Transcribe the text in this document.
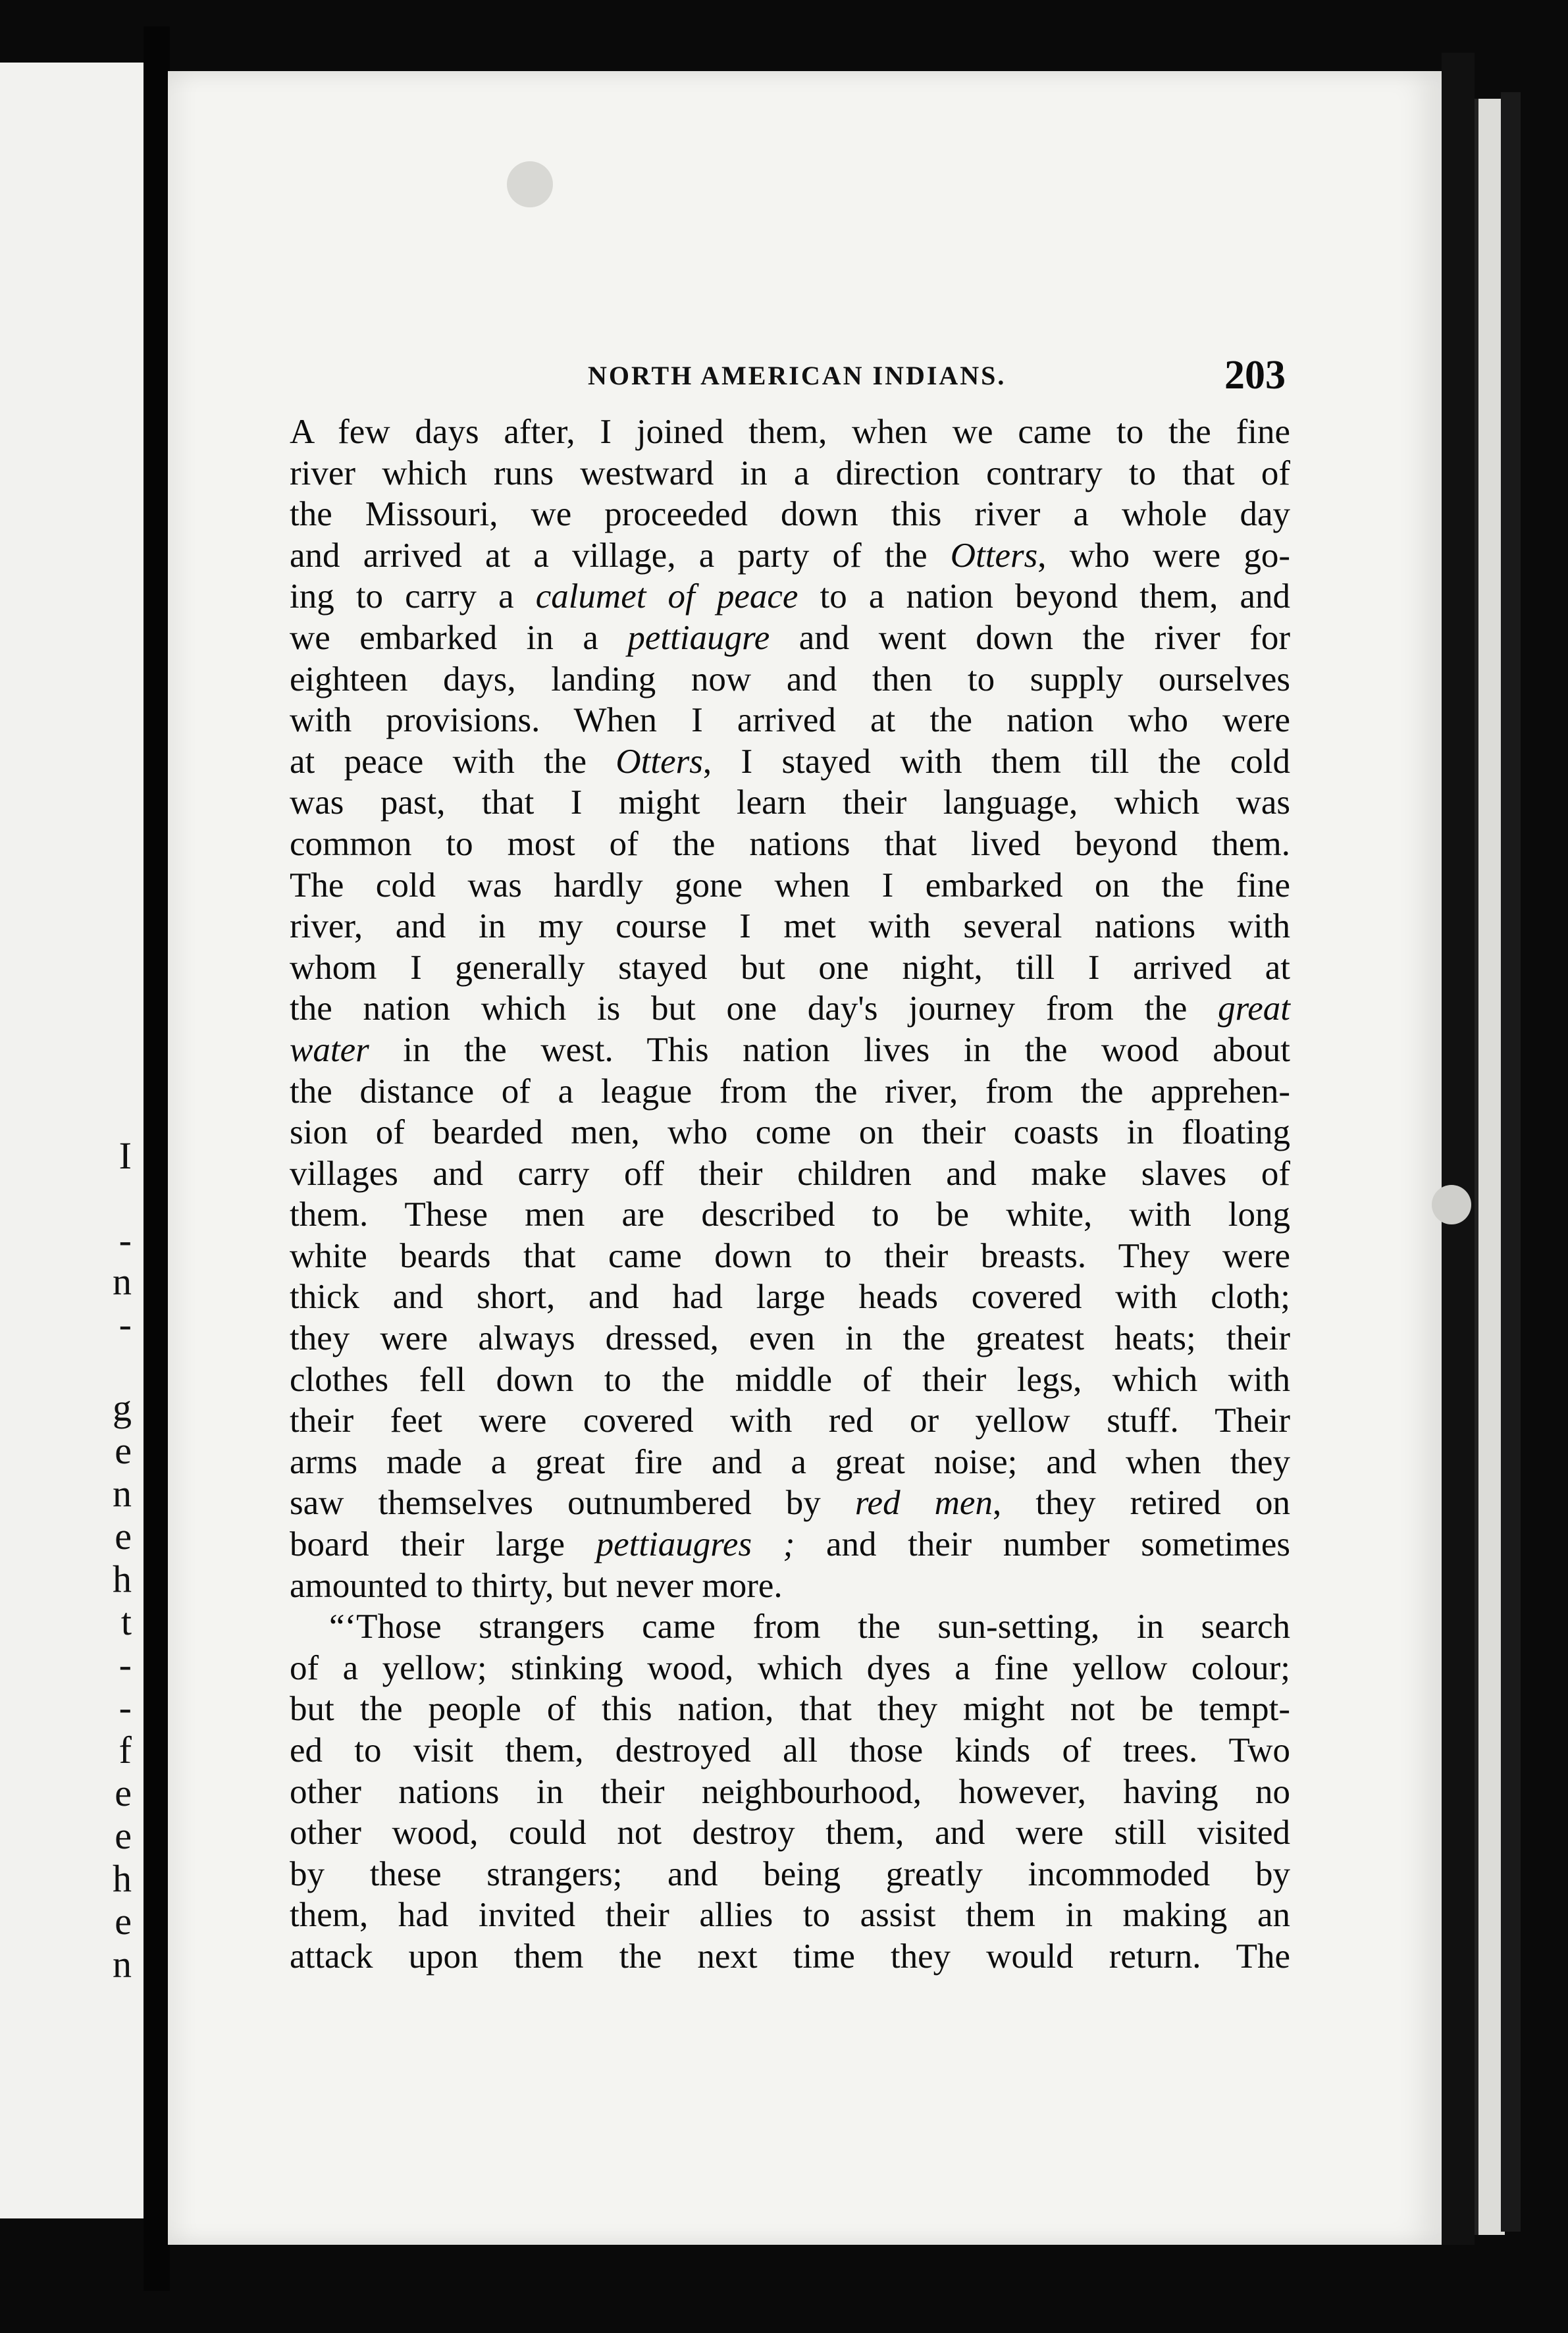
I
-
n
-
g
e
n
e
h
t
-
-
f
e
e
h
e
n
NORTH AMERICAN INDIANS.	203
A few days after, I joined them, when we came to the fine
river which runs westward in a direction contrary to that of
the Missouri, we proceeded down this river a whole day
and arrived at a village, a party of the Otters, who were go-
ing to carry a calumet of peace to a nation beyond them, and
we embarked in a pettiaugre and went down the river for
eighteen days, landing now and then to supply ourselves
with provisions. When I arrived at the nation who were
at peace with the Otters, I stayed with them till the cold
was past, that I might learn their language, which was
common to most of the nations that lived beyond them.
The cold was hardly gone when I embarked on the fine
river, and in my course I met with several nations with
whom I generally stayed but one night, till I arrived at
the nation which is but one day's journey from the great
water in the west. This nation lives in the wood about
the distance of a league from the river, from the apprehen-
sion of bearded men, who come on their coasts in floating
villages and carry off their children and make slaves of
them. These men are described to be white, with long
white beards that came down to their breasts. They were
thick and short, and had large heads covered with cloth;
they were always dressed, even in the greatest heats; their
clothes fell down to the middle of their legs, which with
their feet were covered with red or yellow stuff. Their
arms made a great fire and a great noise; and when they
saw themselves outnumbered by red men, they retired on
board their large pettiaugres ; and their number sometimes
amounted to thirty, but never more.
“‘Those strangers came from the sun-setting, in search
of a yellow; stinking wood, which dyes a fine yellow colour;
but the people of this nation, that they might not be tempt-
ed to visit them, destroyed all those kinds of trees. Two
other nations in their neighbourhood, however, having no
other wood, could not destroy them, and were still visited
by these strangers; and being greatly incommoded by
them, had invited their allies to assist them in making an
attack upon them the next time they would return. The
